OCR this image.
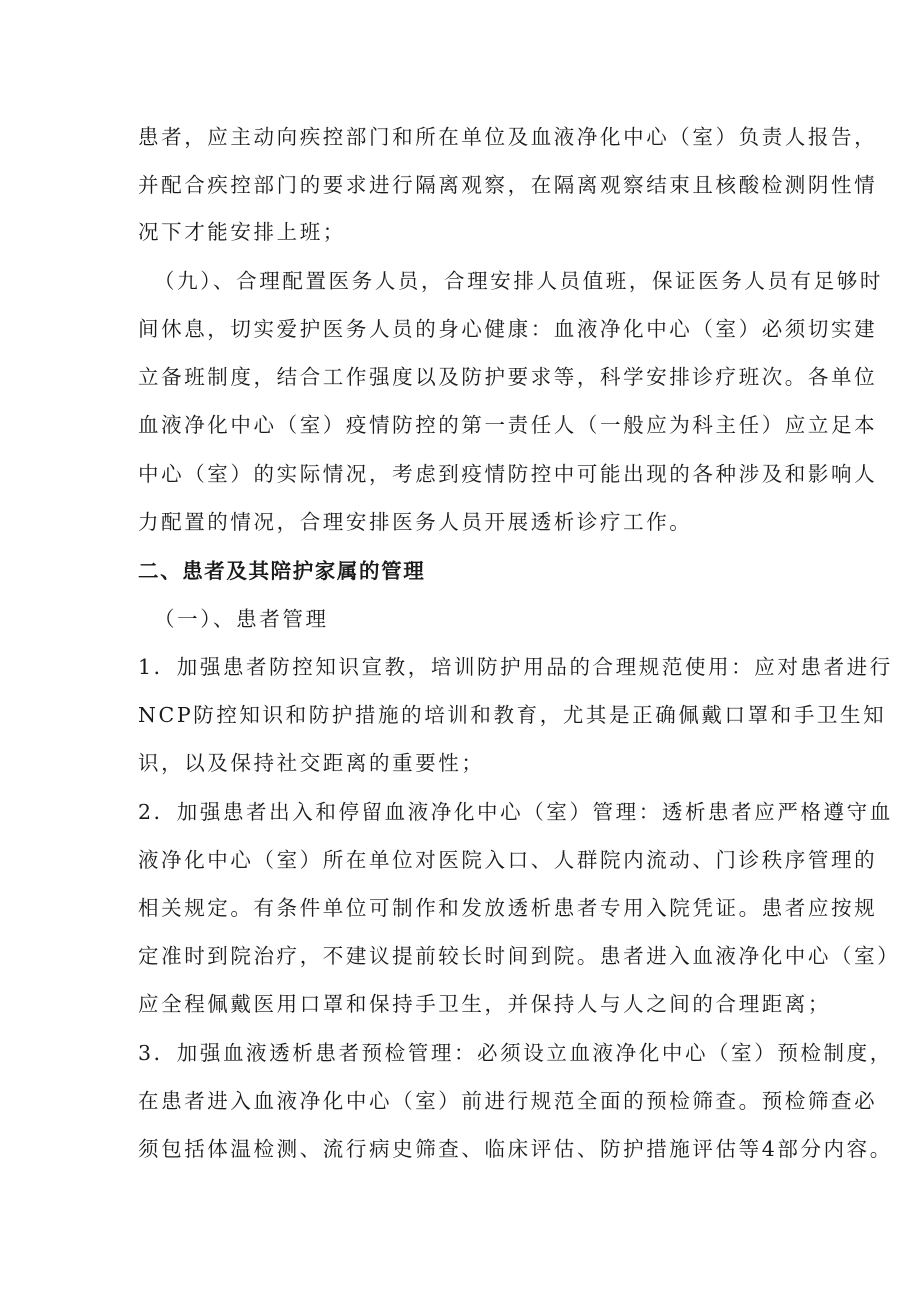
患者，应主动向疾控部门和所在单位及血液净化中心（室）负责人报告，
并配合疾控部门的要求进行隔离观察，在隔离观察结束且核酸检测阴性情
况下才能安排上班；
（九）、合理配置医务人员，合理安排人员值班，保证医务人员有足够时
间休息，切实爱护医务人员的身心健康：血液净化中心（室）必须切实建
立备班制度，结合工作强度以及防护要求等，科学安排诊疗班次。各单位
血液净化中心（室）疫情防控的第一责任人（一般应为科主任）应立足本
中心（室）的实际情况，考虑到疫情防控中可能出现的各种涉及和影响人
力配置的情况，合理安排医务人员开展透析诊疗工作。
二、患者及其陪护家属的管理
（一）、患者管理
1．加强患者防控知识宣教，培训防护用品的合理规范使用：应对患者进行
NCP防控知识和防护措施的培训和教育，尤其是正确佩戴口罩和手卫生知
识，以及保持社交距离的重要性；
2．加强患者出入和停留血液净化中心（室）管理：透析患者应严格遵守血
液净化中心（室）所在单位对医院入口、人群院内流动、门诊秩序管理的
相关规定。有条件单位可制作和发放透析患者专用入院凭证。患者应按规
定准时到院治疗，不建议提前较长时间到院。患者进入血液净化中心（室）
应全程佩戴医用口罩和保持手卫生，并保持人与人之间的合理距离；
3．加强血液透析患者预检管理：必须设立血液净化中心（室）预检制度，
在患者进入血液净化中心（室）前进行规范全面的预检筛查。预检筛查必
须包括体温检测、流行病史筛查、临床评估、防护措施评估等4部分内容。
